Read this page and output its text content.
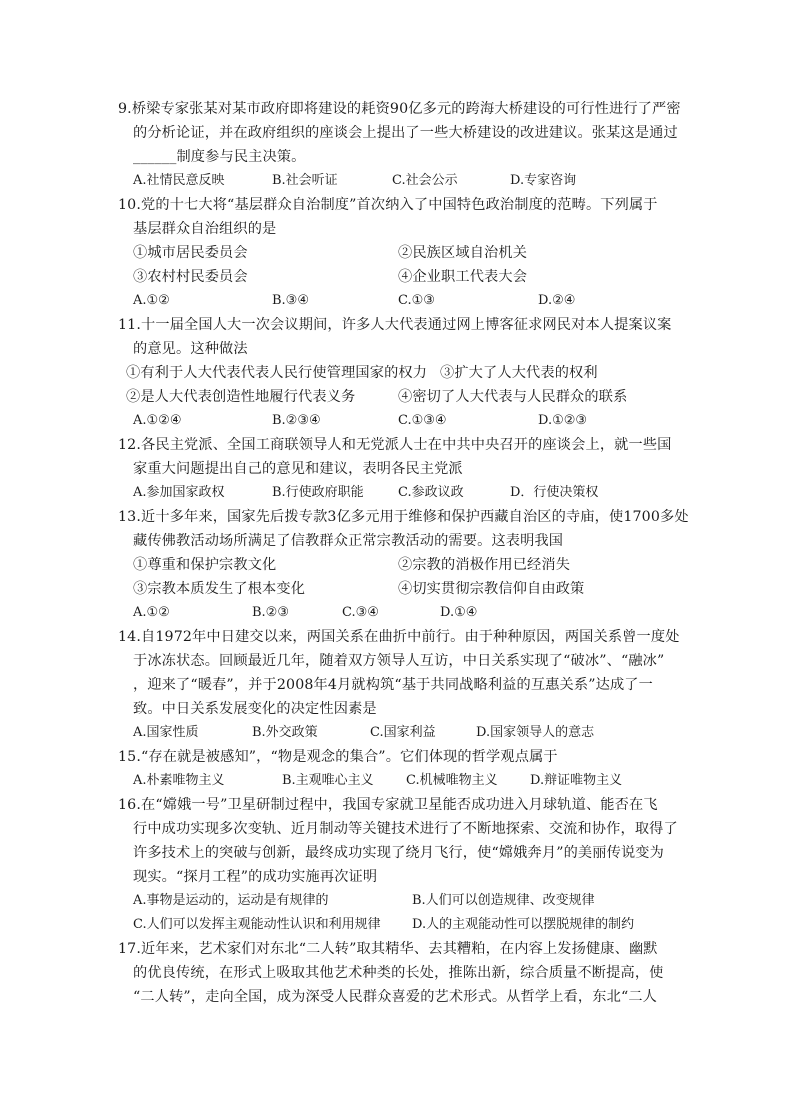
9.桥梁专家张某对某市政府即将建设的耗资90亿多元的跨海大桥建设的可行性进行了严密
的分析论证，并在政府组织的座谈会上提出了一些大桥建设的改进建议。张某这是通过
______制度参与民主决策。
A.社情民意反映	B.社会听证	C.社会公示	D.专家咨询
10.党的十七大将“基层群众自治制度”首次纳入了中国特色政治制度的范畴。下列属于
基层群众自治组织的是
①城市居民委员会	②民族区域自治机关
③农村村民委员会	④企业职工代表大会
A.①②	B.③④	C.①③	D.②④
11.十一届全国人大一次会议期间，许多人大代表通过网上博客征求网民对本人提案议案
的意见。这种做法
①有利于人大代表代表人民行使管理国家的权力 ③扩大了人大代表的权利
②是人大代表创造性地履行代表义务	④密切了人大代表与人民群众的联系
A.①②④	B.②③④	C.①③④	D.①②③
12.各民主党派、全国工商联领导人和无党派人士在中共中央召开的座谈会上，就一些国
家重大问题提出自己的意见和建议，表明各民主党派
A.参加国家政权	B.行使政府职能	C.参政议政	D．行使决策权
13.近十多年来，国家先后拨专款3亿多元用于维修和保护西藏自治区的寺庙，使1700多处
藏传佛教活动场所满足了信教群众正常宗教活动的需要。这表明我国
①尊重和保护宗教文化	②宗教的消极作用已经消失
③宗教本质发生了根本变化	④切实贯彻宗教信仰自由政策
A.①②	B.②③	C.③④	D.①④
14.自1972年中日建交以来，两国关系在曲折中前行。由于种种原因，两国关系曾一度处
于冰冻状态。回顾最近几年，随着双方领导人互访，中日关系实现了“破冰”、“融冰”
，迎来了“暖春”，并于2008年4月就构筑“基于共同战略利益的互惠关系”达成了一
致。中日关系发展变化的决定性因素是
A.国家性质	B.外交政策	C.国家利益	D.国家领导人的意志
15.“存在就是被感知”，“物是观念的集合”。它们体现的哲学观点属于
A.朴素唯物主义	B.主观唯心主义 C.机械唯物主义 D.辩证唯物主义
16.在“嫦娥一号”卫星研制过程中，我国专家就卫星能否成功进入月球轨道、能否在飞
行中成功实现多次变轨、近月制动等关键技术进行了不断地探索、交流和协作，取得了
许多技术上的突破与创新，最终成功实现了绕月飞行，使“嫦娥奔月”的美丽传说变为
现实。“探月工程”的成功实施再次证明
A.事物是运动的，运动是有规律的	B.人们可以创造规律、改变规律
C.人们可以发挥主观能动性认识和利用规律 D.人的主观能动性可以摆脱规律的制约
17.近年来，艺术家们对东北“二人转”取其精华、去其糟粕，在内容上发扬健康、幽默
的优良传统，在形式上吸取其他艺术种类的长处，推陈出新，综合质量不断提高，使
“二人转”，走向全国，成为深受人民群众喜爱的艺术形式。从哲学上看，东北“二人
